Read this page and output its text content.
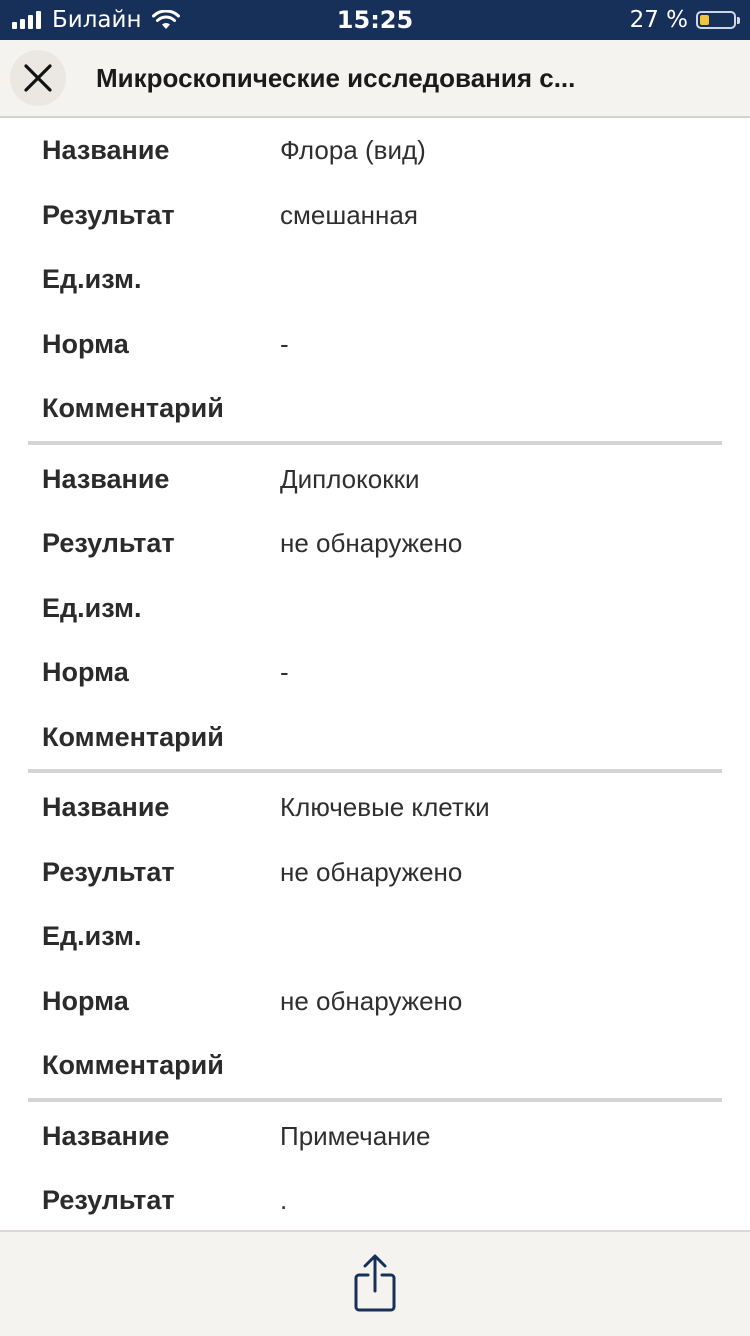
Билайн	15:25	27 %
Микроскопические исследования с...
Название	Флора (вид)
Результат	смешанная
Ед.изм.
Норма	-
Комментарий
Название	Диплококки
Результат	не обнаружено
Ед.изм.
Норма	-
Комментарий
Название	Ключевые клетки
Результат	не обнаружено
Ед.изм.
Норма	не обнаружено
Комментарий
Название	Примечание
Результат	.
